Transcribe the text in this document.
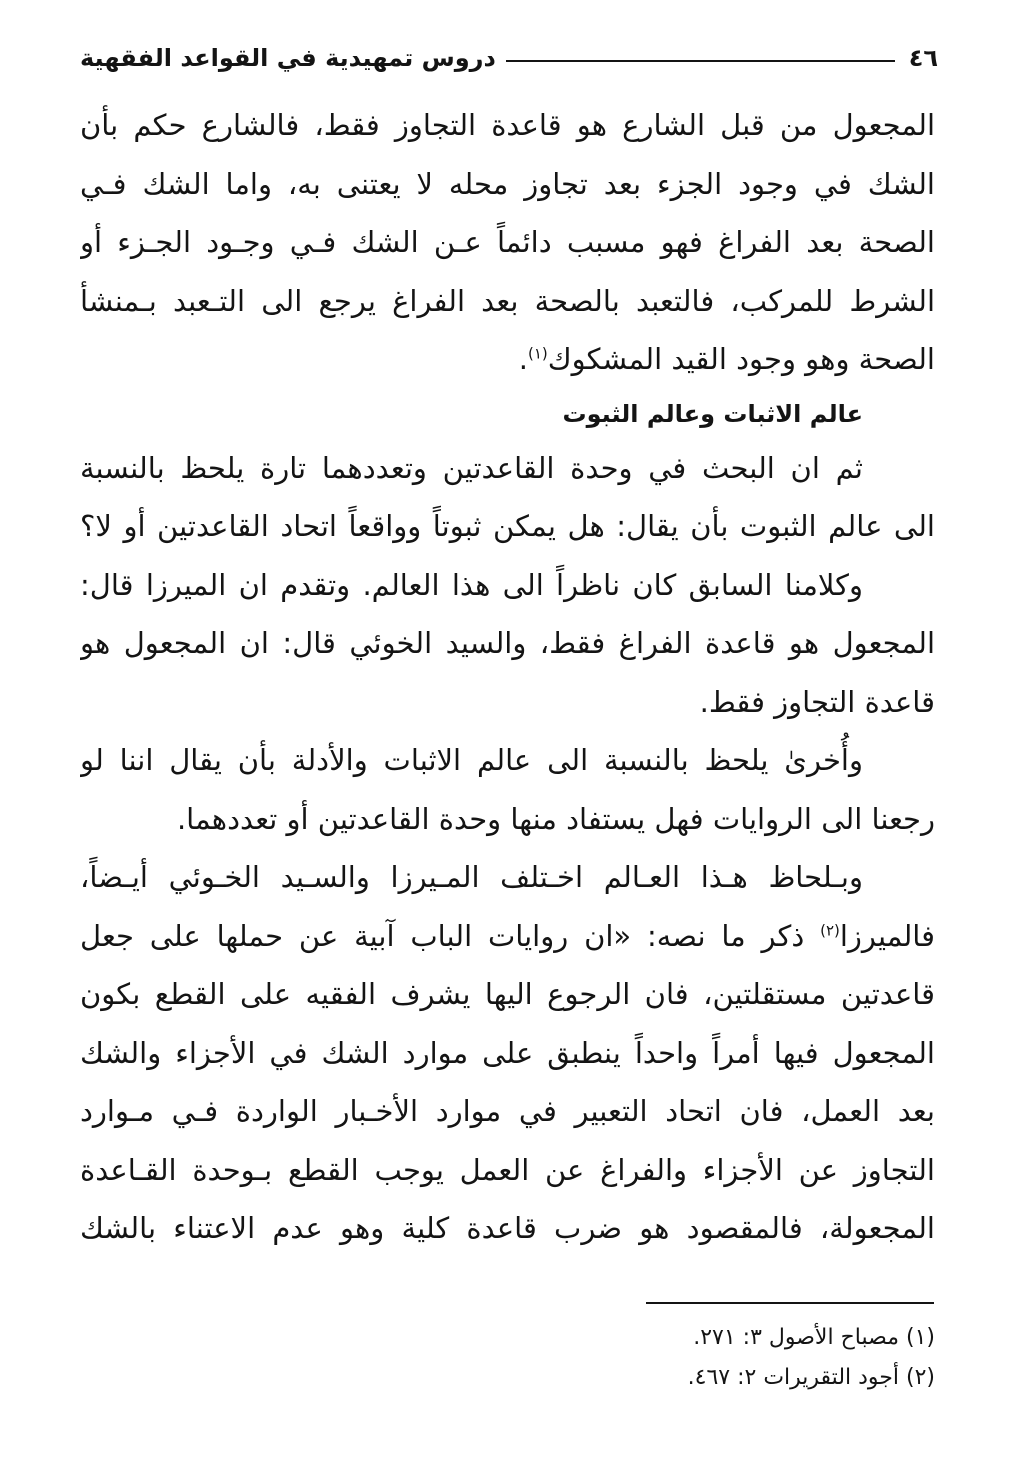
٤٦
دروس تمهيدية في القواعد الفقهية
المجعول من قبل الشارع هو قاعدة التجاوز فقط، فالشارع حكم بأن
الشك في وجود الجزء بعد تجاوز محله لا يعتنى به، واما الشك فـي
الصحة بعد الفراغ فهو مسبب دائماً عـن الشك فـي وجـود الجـزء أو
الشرط للمركب، فالتعبد بالصحة بعد الفراغ يرجع الى التـعبد بـمنشأ
الصحة وهو وجود القيد المشكوك$^{(١)}$.
عالم الاثبات وعالم الثبوت
ثم ان البحث في وحدة القاعدتين وتعددهما تارة يلحظ بالنسبة
الى عالم الثبوت بأن يقال: هل يمكن ثبوتاً وواقعاً اتحاد القاعدتين أو لا؟
وكلامنا السابق كان ناظراً الى هذا العالم. وتقدم ان الميرزا قال:
المجعول هو قاعدة الفراغ فقط، والسيد الخوئي قال: ان المجعول هو
قاعدة التجاوز فقط.
وأُخرىٰ يلحظ بالنسبة الى عالم الاثبات والأدلة بأن يقال اننا لو
رجعنا الى الروايات فهل يستفاد منها وحدة القاعدتين أو تعددهما.
وبـلحاظ هـذا العـالم اخـتلف المـيرزا والسـيد الخـوئي أيـضاً،
فالميرزا$^{(٢)}$ ذكر ما نصه: «ان روايات الباب آبية عن حملها على جعل
قاعدتين مستقلتين، فان الرجوع اليها يشرف الفقيه على القطع بكون
المجعول فيها أمراً واحداً ينطبق على موارد الشك في الأجزاء والشك
بعد العمل، فان اتحاد التعبير في موارد الأخـبار الواردة فـي مـوارد
التجاوز عن الأجزاء والفراغ عن العمل يوجب القطع بـوحدة القـاعدة
المجعولة، فالمقصود هو ضرب قاعدة كلية وهو عدم الاعتناء بالشك
(١) مصباح الأصول ٣: ٢٧١.
(٢) أجود التقريرات ٢: ٤٦٧.
